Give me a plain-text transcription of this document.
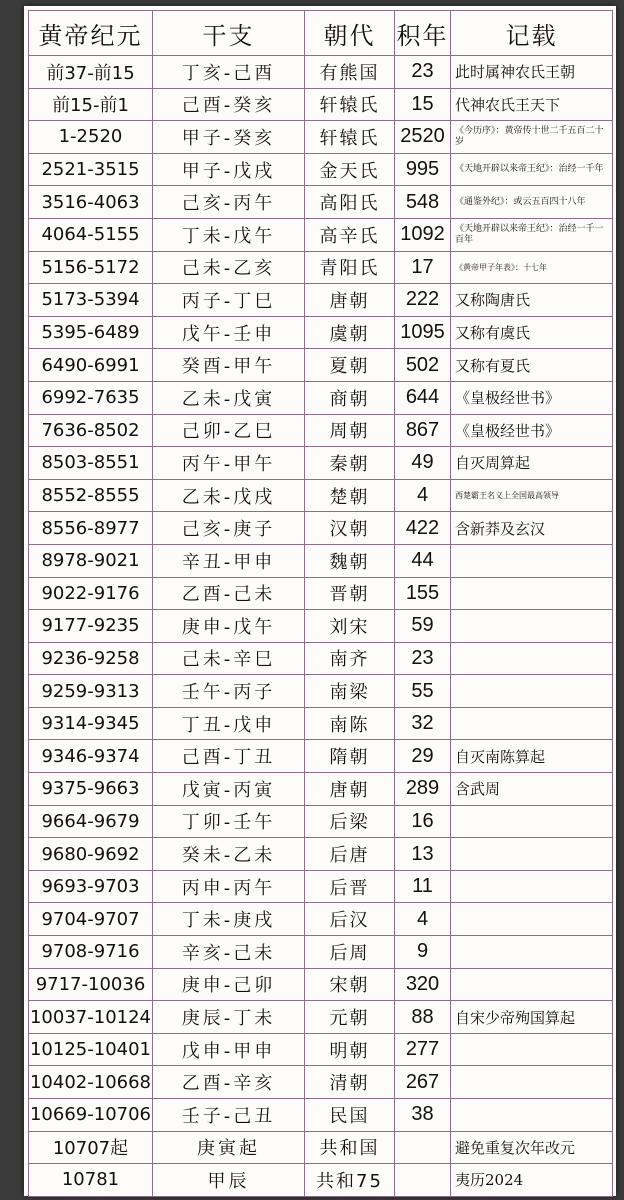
黄帝纪元	干支	朝代	积年	记载
前37-前15	丁亥-己酉	有熊国	23	此时属神农氏王朝
前15-前1	己酉-癸亥	轩辕氏	15	代神农氏王天下
1-2520	甲子-癸亥	轩辕氏	2520	《今历序》：黄帝传十世二千五百二十岁
2521-3515	甲子-戊戌	金天氏	995	《天地开辟以来帝王纪》：治经一千年
3516-4063	己亥-丙午	高阳氏	548	《通鉴外纪》：或云五百四十八年
4064-5155	丁未-戊午	高辛氏	1092	《天地开辟以来帝王纪》：治经一千一百年
5156-5172	己未-乙亥	青阳氏	17	《黄帝甲子年表》：十七年
5173-5394	丙子-丁巳	唐朝	222	又称陶唐氏
5395-6489	戊午-壬申	虞朝	1095	又称有虞氏
6490-6991	癸酉-甲午	夏朝	502	又称有夏氏
6992-7635	乙未-戊寅	商朝	644	《皇极经世书》
7636-8502	己卯-乙巳	周朝	867	《皇极经世书》
8503-8551	丙午-甲午	秦朝	49	自灭周算起
8552-8555	乙未-戊戌	楚朝	4	西楚霸王名义上全国最高领导
8556-8977	己亥-庚子	汉朝	422	含新莽及玄汉
8978-9021	辛丑-甲申	魏朝	44	
9022-9176	乙酉-己未	晋朝	155	
9177-9235	庚申-戊午	刘宋	59	
9236-9258	己未-辛巳	南齐	23	
9259-9313	壬午-丙子	南梁	55	
9314-9345	丁丑-戊申	南陈	32	
9346-9374	己酉-丁丑	隋朝	29	自灭南陈算起
9375-9663	戊寅-丙寅	唐朝	289	含武周
9664-9679	丁卯-壬午	后梁	16	
9680-9692	癸未-乙未	后唐	13	
9693-9703	丙申-丙午	后晋	11	
9704-9707	丁未-庚戌	后汉	4	
9708-9716	辛亥-己未	后周	9	
9717-10036	庚申-己卯	宋朝	320	
10037-10124	庚辰-丁未	元朝	88	自宋少帝殉国算起
10125-10401	戊申-甲申	明朝	277	
10402-10668	乙酉-辛亥	清朝	267	
10669-10706	壬子-己丑	民国	38	
10707起	庚寅起	共和国		避免重复次年改元
10781	甲辰	共和75		夷历2024
